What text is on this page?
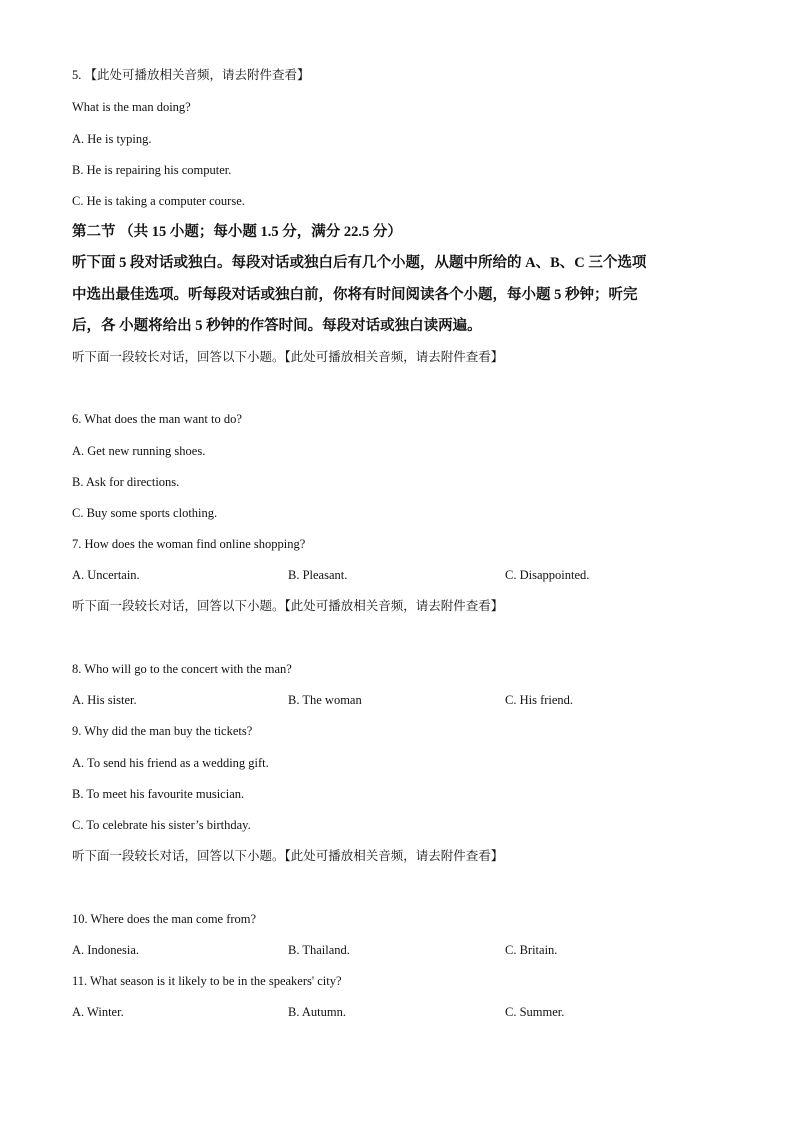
5. 【此处可播放相关音频，请去附件查看】
What is the man doing?
A. He is typing.
B. He is repairing his computer.
C. He is taking a computer course.
第二节 （共 15 小题；每小题 1.5 分，满分 22.5 分）
听下面 5 段对话或独白。每段对话或独白后有几个小题，从题中所给的 A、B、C 三个选项
中选出最佳选项。听每段对话或独白前，你将有时间阅读各个小题，每小题 5 秒钟；听完
后，各 小题将给出 5 秒钟的作答时间。每段对话或独白读两遍。
听下面一段较长对话，回答以下小题。【此处可播放相关音频，请去附件查看】
6. What does the man want to do?
A. Get new running shoes.
B. Ask for directions.
C. Buy some sports clothing.
7. How does the woman find online shopping?
A. Uncertain.	B. Pleasant.	C. Disappointed.
听下面一段较长对话，回答以下小题。【此处可播放相关音频，请去附件查看】
8. Who will go to the concert with the man?
A. His sister.	B. The woman	C. His friend.
9. Why did the man buy the tickets?
A. To send his friend as a wedding gift.
B. To meet his favourite musician.
C. To celebrate his sister’s birthday.
听下面一段较长对话，回答以下小题。【此处可播放相关音频，请去附件查看】
10. Where does the man come from?
A. Indonesia.	B. Thailand.	C. Britain.
11. What season is it likely to be in the speakers' city?
A. Winter.	B. Autumn.	C. Summer.
